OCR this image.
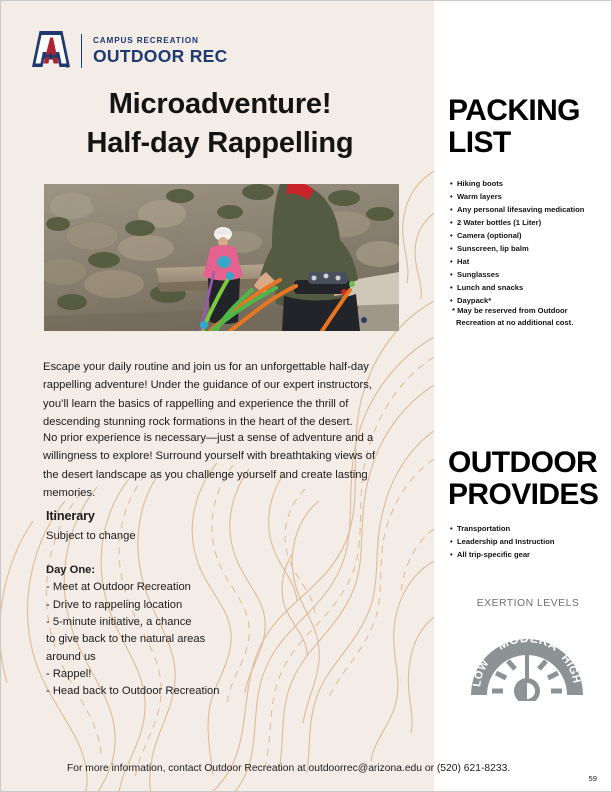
CAMPUS RECREATION
OUTDOOR REC
Microadventure!
Half-day Rappelling
Escape your daily routine and join us for an unforgettable half-day rappelling adventure! Under the guidance of our expert instructors, you’ll learn the basics of rappelling and experience the thrill of descending stunning rock formations in the heart of the desert.
No prior experience is necessary—just a sense of adventure and a willingness to explore! Surround yourself with breathtaking views of the desert landscape as you challenge yourself and create lasting memories.
Itinerary
Subject to change
Day One:
- Meet at Outdoor Recreation
- Drive to rappeling location
- 5-minute initiative, a chance
to give back to the natural areas
around us
- Rappel!
- Head back to Outdoor Recreation
PACKING LIST
• Hiking boots
• Warm layers
• Any personal lifesaving medication
• 2 Water bottles (1 Liter)
• Camera (optional)
• Sunscreen, lip balm
• Hat
• Sunglasses
• Lunch and snacks
• Daypack*
* May be reserved from Outdoor Recreation at no additional cost.
OUTDOOR PROVIDES
• Transportation
• Leadership and Instruction
• All trip-specific gear
EXERTION LEVELS
LOW
MODERA
HIGH
For more information, contact Outdoor Recreation at outdoorrec@arizona.edu or (520) 621-8233.
59
